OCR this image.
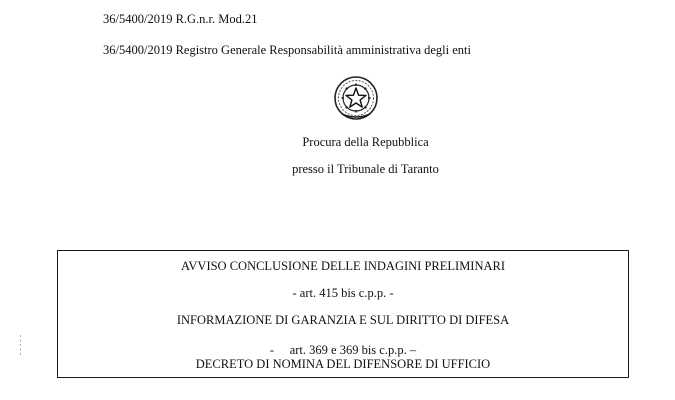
36/5400/2019 R.G.n.r. Mod.21
36/5400/2019 Registro Generale Responsabilità amministrativa degli enti
Procura della Repubblica
presso il Tribunale di Taranto
AVVISO CONCLUSIONE DELLE INDAGINI PRELIMINARI
- art. 415 bis c.p.p. -
INFORMAZIONE DI GARANZIA E SUL DIRITTO DI DIFESA
-     art. 369 e 369 bis c.p.p. –
DECRETO DI NOMINA DEL DIFENSORE DI UFFICIO
